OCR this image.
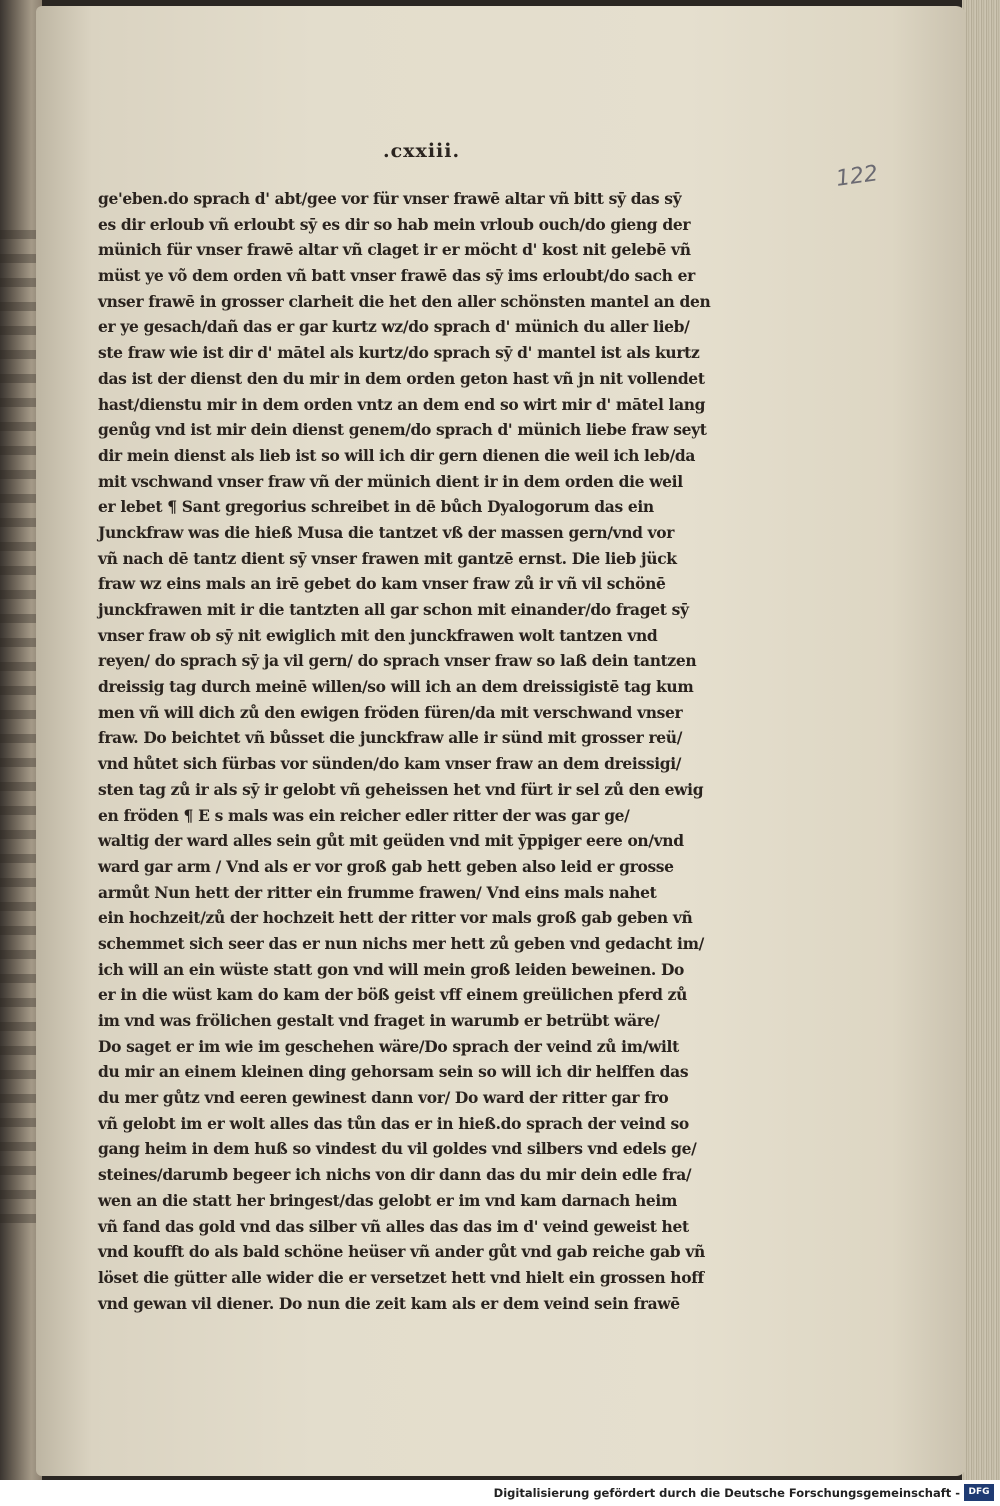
.cxxiii.
122
ge'eben.do sprach d' abt/gee vor für vnser frawē altar vñ bitt sȳ das sȳ
es dir erloub vñ erloubt sȳ es dir so hab mein vrloub ouch/do gieng der
münich für vnser frawē altar vñ claget ir er möcht d' kost nit gelebē vñ
müst ye võ dem orden vñ batt vnser frawē das sȳ ims erloubt/do sach er
vnser frawē in grosser clarheit die het den aller schönsten mantel an den
er ye gesach/dañ das er gar kurtz wz/do sprach d' münich du aller lieb/
ste fraw wie ist dir d' mātel als kurtz/do sprach sȳ d' mantel ist als kurtz
das ist der dienst den du mir in dem orden geton hast vñ jn nit vollendet
hast/dienstu mir in dem orden vntz an dem end so wirt mir d' mātel lang
genůg vnd ist mir dein dienst genem/do sprach d' münich liebe fraw seyt
dir mein dienst als lieb ist so will ich dir gern dienen die weil ich leb/da
mit vschwand vnser fraw vñ der münich dient ir in dem orden die weil
er lebet ¶ Sant gregorius schreibet in dē bůch Dyalogorum das ein
Junckfraw was die hieß Musa die tantzet vß der massen gern/vnd vor
vñ nach dē tantz dient sȳ vnser frawen mit gantzē ernst. Die lieb jück
fraw wz eins mals an irē gebet do kam vnser fraw zů ir vñ vil schönē
junckfrawen mit ir die tantzten all gar schon mit einander/do fraget sȳ
vnser fraw ob sȳ nit ewiglich mit den junckfrawen wolt tantzen vnd
reyen/ do sprach sȳ ja vil gern/ do sprach vnser fraw so laß dein tantzen
dreissig tag durch meinē willen/so will ich an dem dreissigistē tag kum
men vñ will dich zů den ewigen fröden füren/da mit verschwand vnser
fraw. Do beichtet vñ bůsset die junckfraw alle ir sünd mit grosser reü/
vnd hůtet sich fürbas vor sünden/do kam vnser fraw an dem dreissigi/
sten tag zů ir als sȳ ir gelobt vñ geheissen het vnd fürt ir sel zů den ewig
en fröden ¶ E s mals was ein reicher edler ritter der was gar ge/
waltig der ward alles sein gůt mit geüden vnd mit ȳppiger eere on/vnd
ward gar arm / Vnd als er vor groß gab hett geben also leid er grosse
armůt Nun hett der ritter ein frumme frawen/ Vnd eins mals nahet
ein hochzeit/zů der hochzeit hett der ritter vor mals groß gab geben vñ
schemmet sich seer das er nun nichs mer hett zů geben vnd gedacht im/
ich will an ein wüste statt gon vnd will mein groß leiden beweinen. Do
er in die wüst kam do kam der böß geist vff einem greülichen pferd zů
im vnd was frölichen gestalt vnd fraget in warumb er betrübt wäre/
Do saget er im wie im geschehen wäre/Do sprach der veind zů im/wilt
du mir an einem kleinen ding gehorsam sein so will ich dir helffen das
du mer gůtz vnd eeren gewinest dann vor/ Do ward der ritter gar fro
vñ gelobt im er wolt alles das tůn das er in hieß.do sprach der veind so
gang heim in dem huß so vindest du vil goldes vnd silbers vnd edels ge/
steines/darumb begeer ich nichs von dir dann das du mir dein edle fra/
wen an die statt her bringest/das gelobt er im vnd kam darnach heim
vñ fand das gold vnd das silber vñ alles das das im d' veind geweist het
vnd koufft do als bald schöne heüser vñ ander gůt vnd gab reiche gab vñ
löset die gütter alle wider die er versetzet hett vnd hielt ein grossen hoff
vnd gewan vil diener. Do nun die zeit kam als er dem veind sein frawē
Digitalisierung gefördert durch die Deutsche Forschungsgemeinschaft - DFG
